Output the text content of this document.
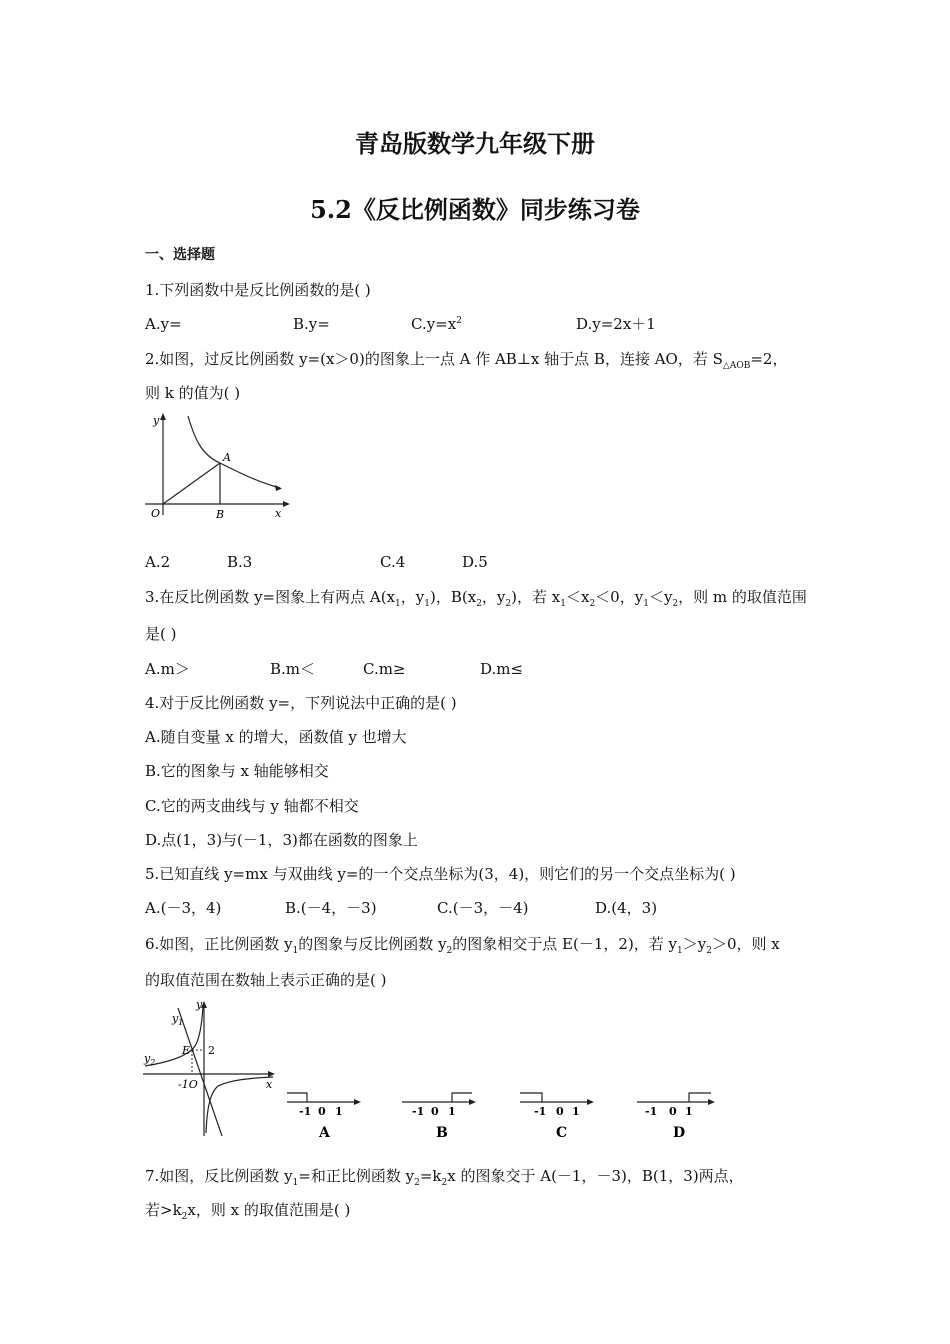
青岛版数学九年级下册
5.2《反比例函数》同步练习卷
一、选择题
1.下列函数中是反比例函数的是( )
A.y=	B.y=	$C.y=x^2$	D.y=2x＋1
2.如图，过反比例函数 y=(x＞0)的图象上一点 A 作 AB⊥x 轴于点 B，连接 AO，若 $S_{\triangle AOB}=2$，
则 k 的值为( )
y
x
O
A
B
A.2	B.3	C.4	D.5
3.在反比例函数 y=图象上有两点 $A(x_1$，$y_1$)，$B(x_2$，$y_2$)，若 $x_1<x_2<0$，$y_1<y_2$，则 m 的取值范围
是( )
A.m＞	B.m＜	C.m≥	D.m≤
4.对于反比例函数 y=，下列说法中正确的是( )
A.随自变量 x 的增大，函数值 y 也增大
B.它的图象与 x 轴能够相交
C.它的两支曲线与 y 轴都不相交
D.点(1，3)与(－1，3)都在函数的图象上
5.已知直线 y=mx 与双曲线 y=的一个交点坐标为(3，4)，则它们的另一个交点坐标为( )
A.(－3，4)	B.(－4，－3)	C.(－3，－4)	D.(4，3)
6.如图，正比例函数 $y_1$的图象与反比例函数 $y_2$的图象相交于点 E(－1，2)，若 $y_1>y_2>0$，则 x
的取值范围在数轴上表示正确的是( )
y
x
$y_1$
$y_2$
E 2
-1O
-1 0 1
A
-1 0 1
B
-1 0 1
C
-1 0 1
D
7.如图，反比例函数 $y_1=$和正比例函数 $y_2=k_2x$ 的图象交于 A(－1，－3)，B(1，3)两点，
若$>k_2x$，则 x 的取值范围是( )
